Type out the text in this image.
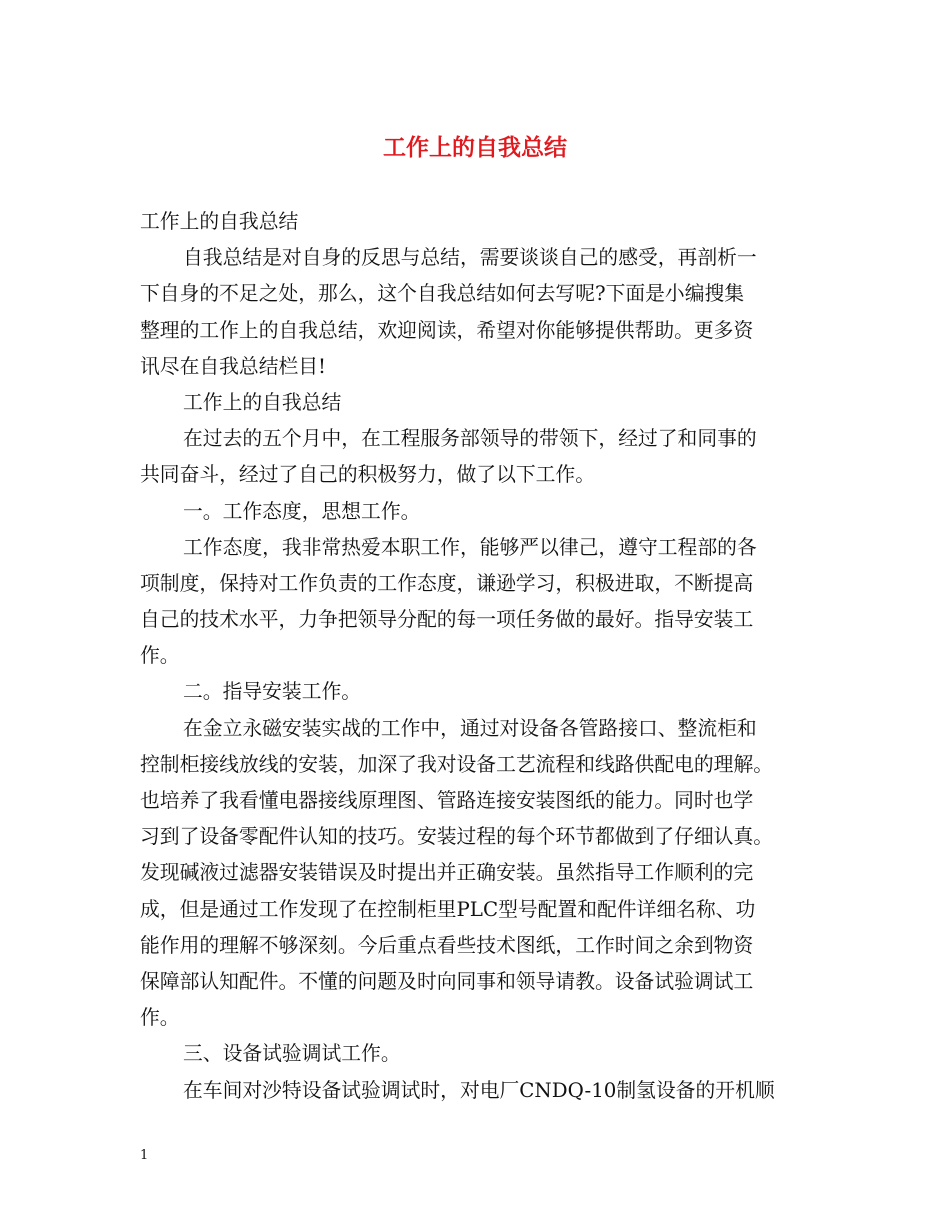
工作上的自我总结
工作上的自我总结
自我总结是对自身的反思与总结，需要谈谈自己的感受，再剖析一
下自身的不足之处，那么，这个自我总结如何去写呢?下面是小编搜集
整理的工作上的自我总结，欢迎阅读，希望对你能够提供帮助。更多资
讯尽在自我总结栏目!
工作上的自我总结
在过去的五个月中，在工程服务部领导的带领下，经过了和同事的
共同奋斗，经过了自己的积极努力，做了以下工作。
一。工作态度，思想工作。
工作态度，我非常热爱本职工作，能够严以律己，遵守工程部的各
项制度，保持对工作负责的工作态度，谦逊学习，积极进取，不断提高
自己的技术水平，力争把领导分配的每一项任务做的最好。指导安装工
作。
二。指导安装工作。
在金立永磁安装实战的工作中，通过对设备各管路接口、整流柜和
控制柜接线放线的安装，加深了我对设备工艺流程和线路供配电的理解。
也培养了我看懂电器接线原理图、管路连接安装图纸的能力。同时也学
习到了设备零配件认知的技巧。安装过程的每个环节都做到了仔细认真。
发现碱液过滤器安装错误及时提出并正确安装。虽然指导工作顺利的完
成，但是通过工作发现了在控制柜里PLC型号配置和配件详细名称、功
能作用的理解不够深刻。今后重点看些技术图纸，工作时间之余到物资
保障部认知配件。不懂的问题及时向同事和领导请教。设备试验调试工
作。
三、设备试验调试工作。
在车间对沙特设备试验调试时，对电厂CNDQ-10制氢设备的开机顺
1
